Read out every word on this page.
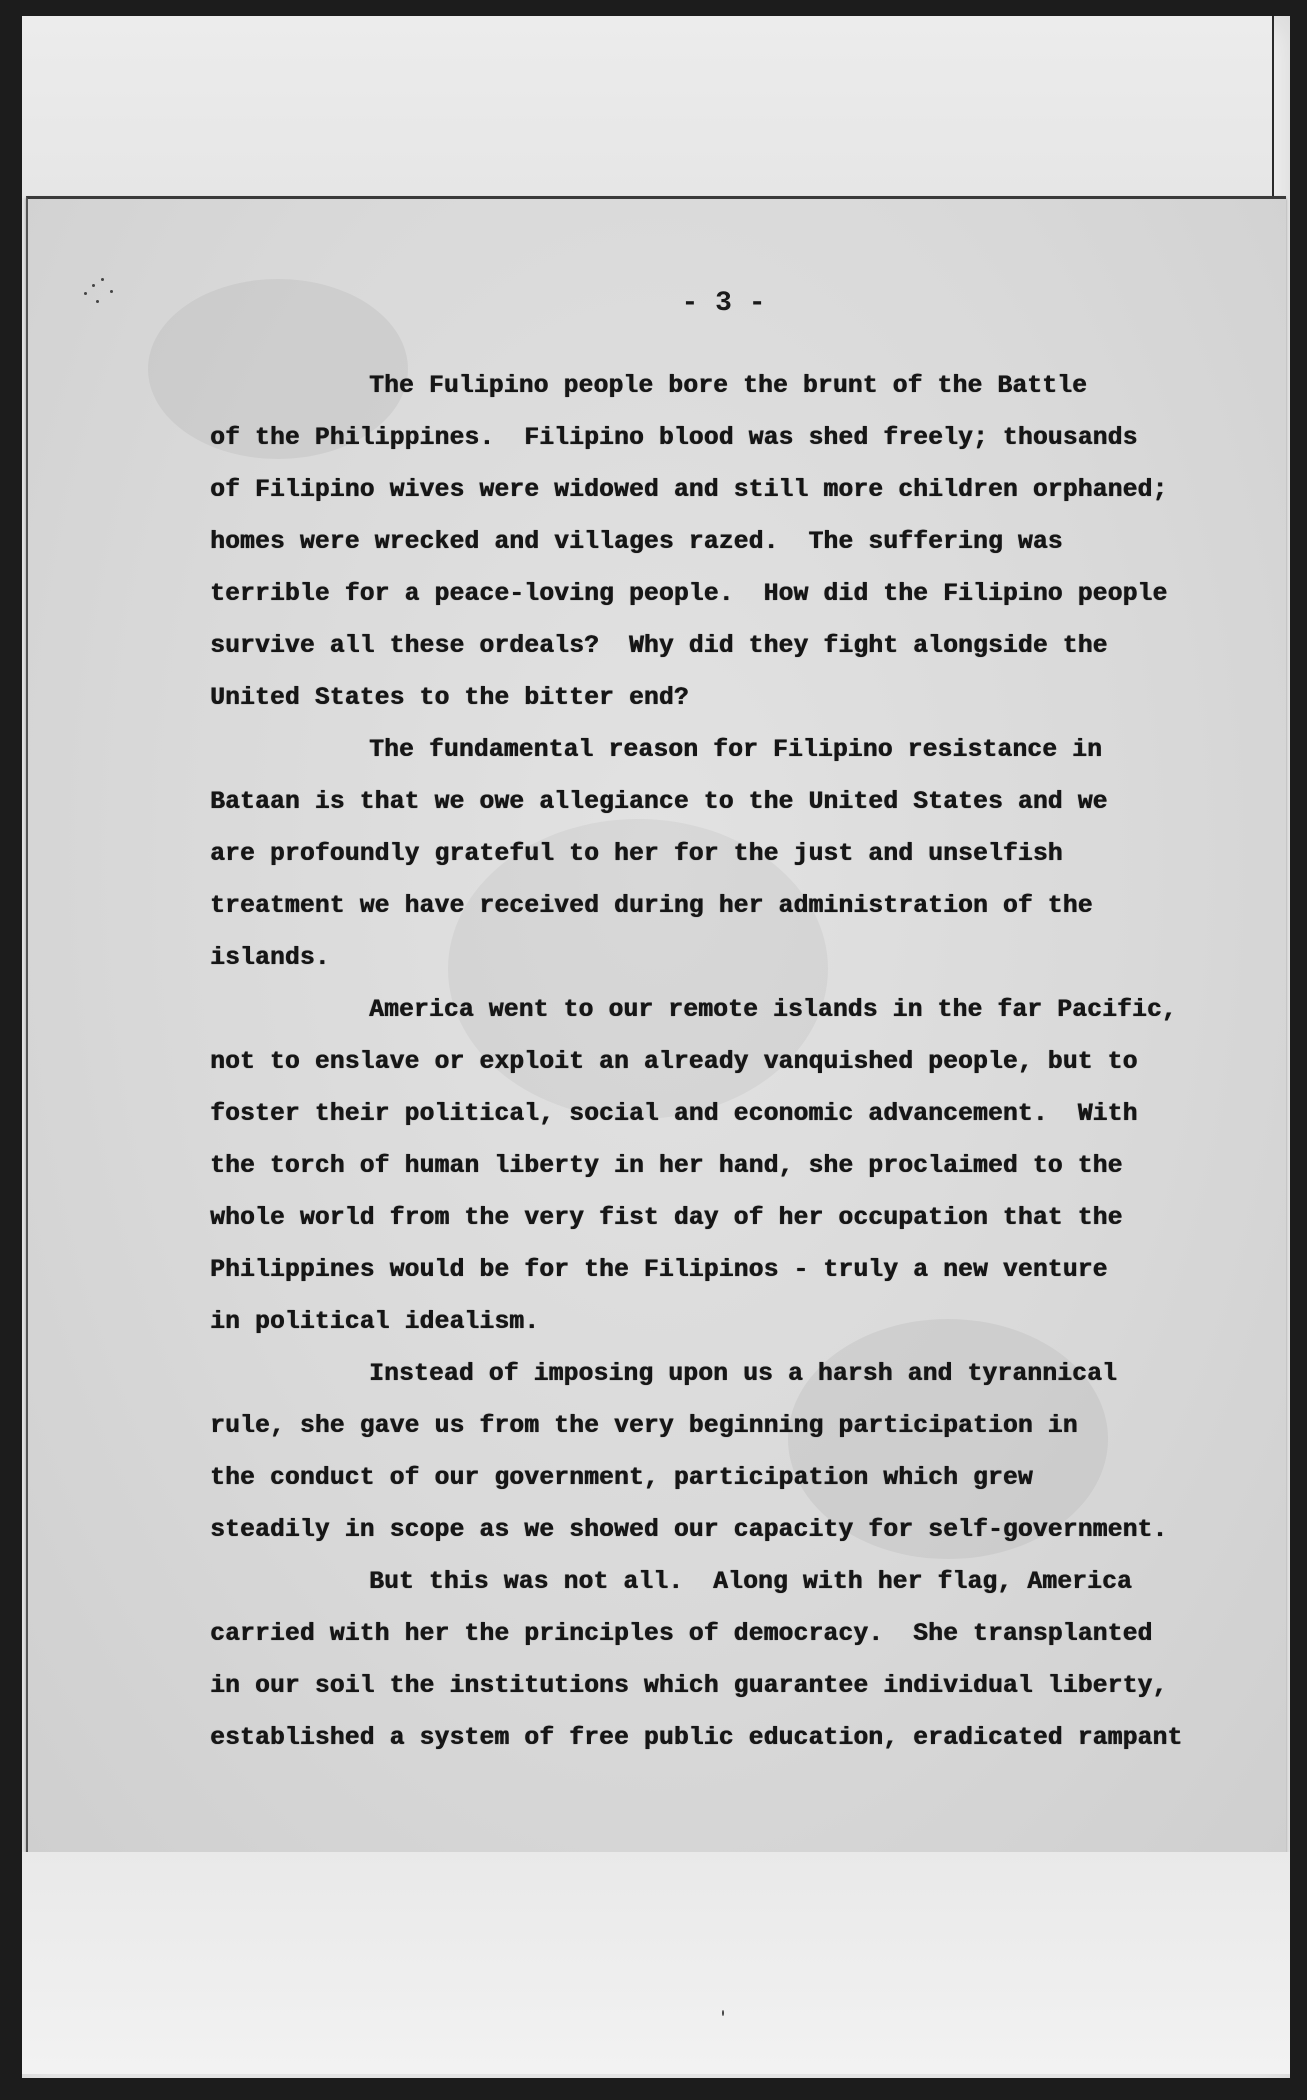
- 3 -
The Fulipino people bore the brunt of the Battle
of the Philippines.  Filipino blood was shed freely; thousands
of Filipino wives were widowed and still more children orphaned;
homes were wrecked and villages razed.  The suffering was
terrible for a peace-loving people.  How did the Filipino people
survive all these ordeals?  Why did they fight alongside the
United States to the bitter end?
The fundamental reason for Filipino resistance in
Bataan is that we owe allegiance to the United States and we
are profoundly grateful to her for the just and unselfish
treatment we have received during her administration of the
islands.
America went to our remote islands in the far Pacific,
not to enslave or exploit an already vanquished people, but to
foster their political, social and economic advancement.  With
the torch of human liberty in her hand, she proclaimed to the
whole world from the very fist day of her occupation that the
Philippines would be for the Filipinos - truly a new venture
in political idealism.
Instead of imposing upon us a harsh and tyrannical
rule, she gave us from the very beginning participation in
the conduct of our government, participation which grew
steadily in scope as we showed our capacity for self-government.
But this was not all.  Along with her flag, America
carried with her the principles of democracy.  She transplanted
in our soil the institutions which guarantee individual liberty,
established a system of free public education, eradicated rampant
